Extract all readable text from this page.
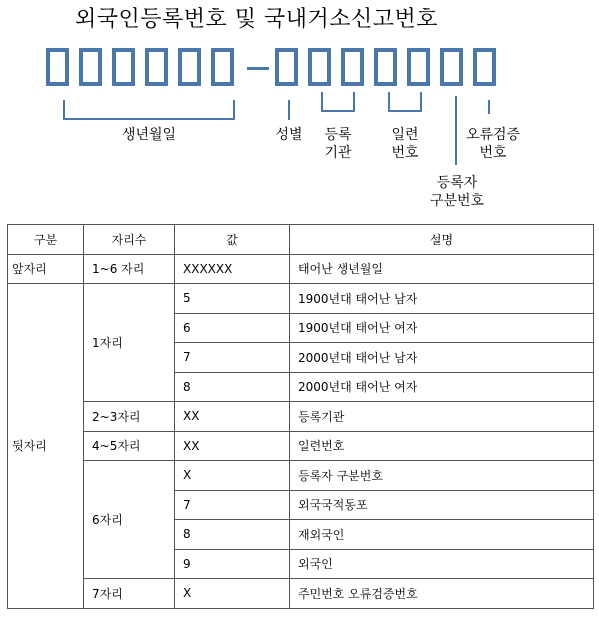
외국인등록번호 및 국내거소신고번호
생년월일	성별	등록
기관
일련
번호
오류검증
번호
등록자
구분번호
구분	자리수	값	설명
앞자리	1~6 자리	XXXXXX	태어난 생년월일
뒷자리	1자리	5	1900년대 태어난 남자
		6	1900년대 태어난 여자
		7	2000년대 태어난 남자
		8	2000년대 태어난 여자
	2~3자리	XX	등록기관
	4~5자리	XX	일련번호
	6자리	X	등록자 구분번호
		7	외국국적동포
		8	재외국인
		9	외국인
	7자리	X	주민번호 오류검증번호
